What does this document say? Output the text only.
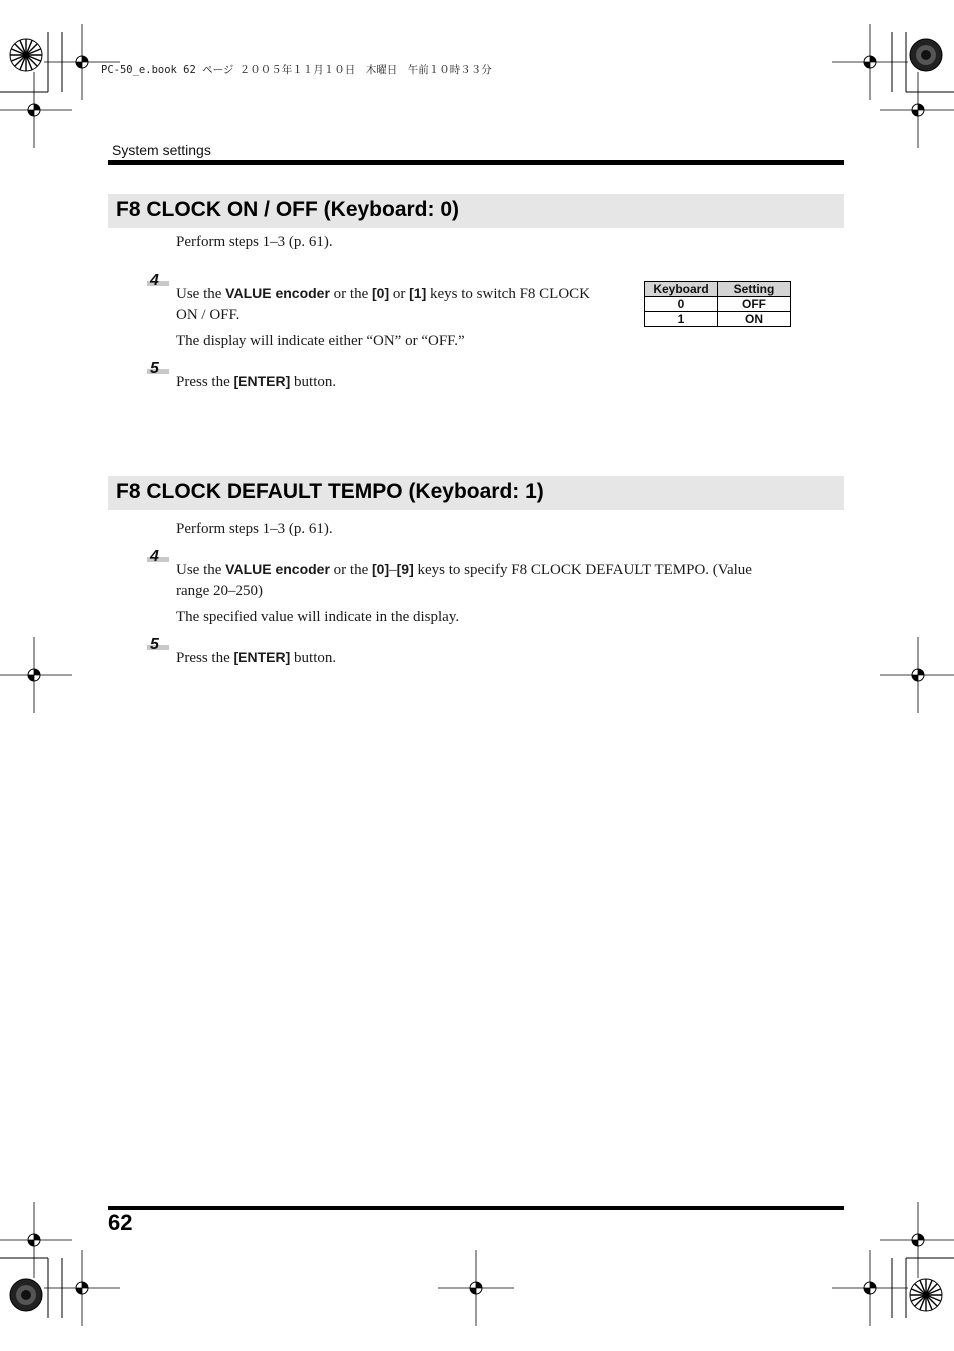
PC-50_e.book 62 ページ ２００５年１１月１０日　木曜日　午前１０時３３分
System settings
F8 CLOCK ON / OFF (Keyboard: 0)
Perform steps 1–3 (p. 61).
4
Use the VALUE encoder or the [0] or [1] keys to switch F8 CLOCK
ON / OFF.
The display will indicate either “ON” or “OFF.”
5
Press the [ENTER] button.
Keyboard	Setting
0	OFF
1	ON
F8 CLOCK DEFAULT TEMPO (Keyboard: 1)
Perform steps 1–3 (p. 61).
4
Use the VALUE encoder or the [0]–[9] keys to specify F8 CLOCK DEFAULT TEMPO. (Value
range 20–250)
The specified value will indicate in the display.
5
Press the [ENTER] button.
62
